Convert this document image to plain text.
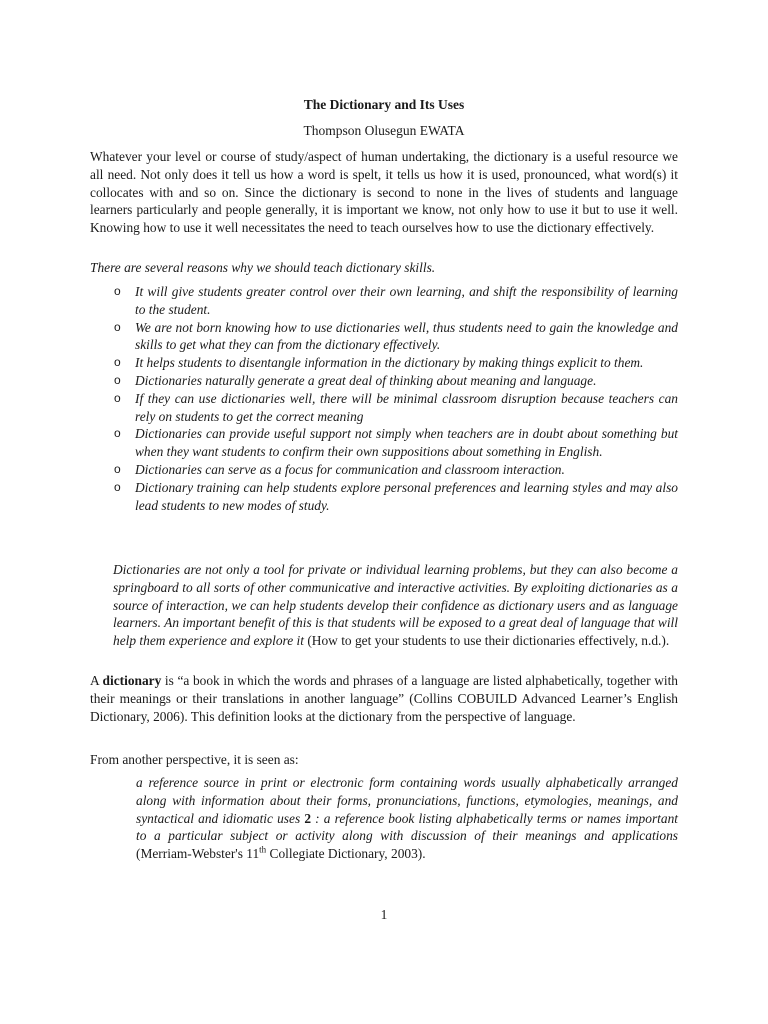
The Dictionary and Its Uses
Thompson Olusegun EWATA
Whatever your level or course of study/aspect of human undertaking, the dictionary is a useful resource we all need. Not only does it tell us how a word is spelt, it tells us how it is used, pronounced, what word(s) it collocates with and so on. Since the dictionary is second to none in the lives of students and language learners particularly and people generally, it is important we know, not only how to use it but to use it well. Knowing how to use it well necessitates the need to teach ourselves how to use the dictionary effectively.
There are several reasons why we should teach dictionary skills.
o It will give students greater control over their own learning, and shift the responsibility of learning to the student.
o We are not born knowing how to use dictionaries well, thus students need to gain the knowledge and skills to get what they can from the dictionary effectively.
o It helps students to disentangle information in the dictionary by making things explicit to them.
o Dictionaries naturally generate a great deal of thinking about meaning and language.
o If they can use dictionaries well, there will be minimal classroom disruption because teachers can rely on students to get the correct meaning
o Dictionaries can provide useful support not simply when teachers are in doubt about something but when they want students to confirm their own suppositions about something in English.
o Dictionaries can serve as a focus for communication and classroom interaction.
o Dictionary training can help students explore personal preferences and learning styles and may also lead students to new modes of study.
Dictionaries are not only a tool for private or individual learning problems, but they can also become a springboard to all sorts of other communicative and interactive activities. By exploiting dictionaries as a source of interaction, we can help students develop their confidence as dictionary users and as language learners. An important benefit of this is that students will be exposed to a great deal of language that will help them experience and explore it (How to get your students to use their dictionaries effectively, n.d.).
A dictionary is “a book in which the words and phrases of a language are listed alphabetically, together with their meanings or their translations in another language” (Collins COBUILD Advanced Learner’s English Dictionary, 2006). This definition looks at the dictionary from the perspective of language.
From another perspective, it is seen as:
a reference source in print or electronic form containing words usually alphabetically arranged along with information about their forms, pronunciations, functions, etymologies, meanings, and syntactical and idiomatic uses 2 : a reference book listing alphabetically terms or names important to a particular subject or activity along with discussion of their meanings and applications (Merriam-Webster's 11th Collegiate Dictionary, 2003).
1
